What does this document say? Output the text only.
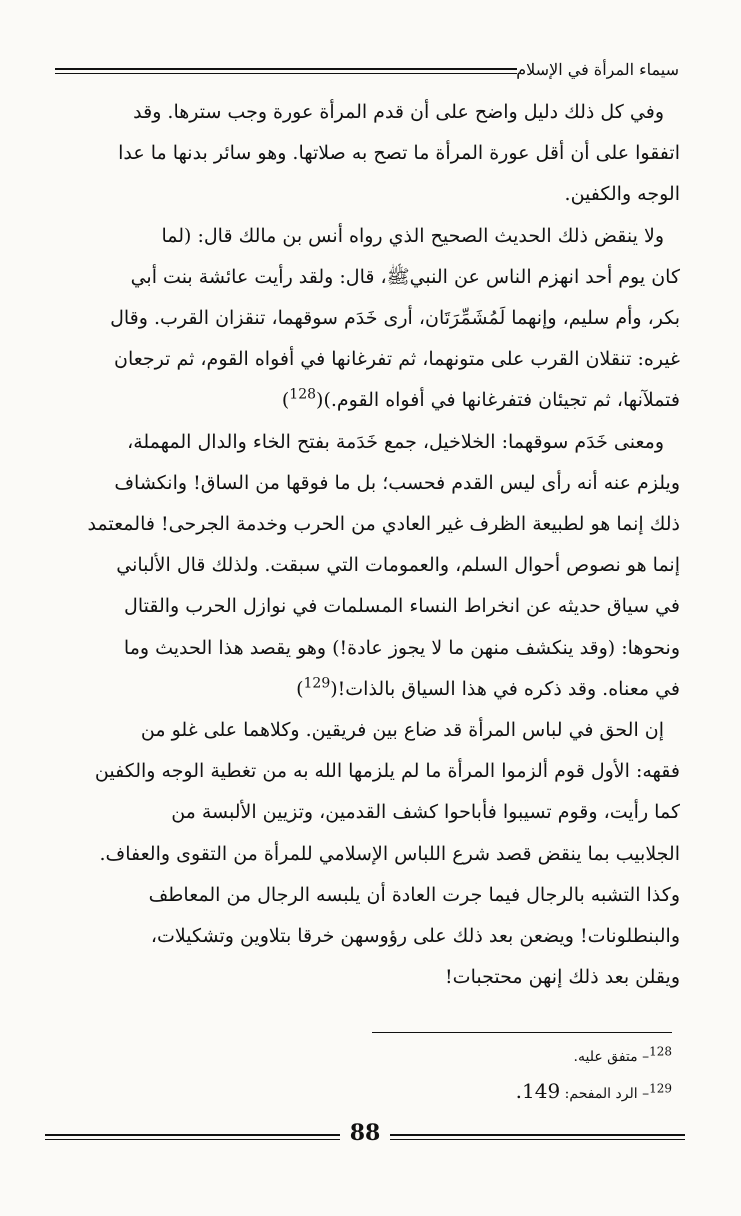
سيماء المرأة في الإسلام

وفي كل ذلك دليل واضح على أن قدم المرأة عورة وجب سترها. وقد
اتفقوا على أن أقل عورة المرأة ما تصح به صلاتها. وهو سائر بدنها ما عدا
الوجه والكفين.

ولا ينقض ذلك الحديث الصحيح الذي رواه أنس بن مالك قال: (لما
كان يوم أحد انهزم الناس عن النبيﷺ، قال: ولقد رأيت عائشة بنت أبي
بكر، وأم سليم، وإنهما لَمُشَمِّرَتَان، أرى خَدَم سوقهما، تنقزان القرب. وقال
غيره: تنقلان القرب على متونهما، ثم تفرغانها في أفواه القوم، ثم ترجعان
فتملآنها، ثم تجيئان فتفرغانها في أفواه القوم.)($^{128}$)

ومعنى خَدَم سوقهما: الخلاخيل، جمع خَدَمة بفتح الخاء والدال المهملة،
ويلزم عنه أنه رأى ليس القدم فحسب؛ بل ما فوقها من الساق! وانكشاف
ذلك إنما هو لطبيعة الظرف غير العادي من الحرب وخدمة الجرحى! فالمعتمد
إنما هو نصوص أحوال السلم، والعمومات التي سبقت. ولذلك قال الألباني
في سياق حديثه عن انخراط النساء المسلمات في نوازل الحرب والقتال
ونحوها: (وقد ينكشف منهن ما لا يجوز عادة!) وهو يقصد هذا الحديث وما
في معناه. وقد ذكره في هذا السياق بالذات!($^{129}$)

إن الحق في لباس المرأة قد ضاع بين فريقين. وكلاهما على غلو من
فقهه: الأول قوم ألزموا المرأة ما لم يلزمها الله به من تغطية الوجه والكفين
كما رأيت، وقوم تسيبوا فأباحوا كشف القدمين، وتزيين الألبسة من
الجلابيب بما ينقض قصد شرع اللباس الإسلامي للمرأة من التقوى والعفاف.
وكذا التشبه بالرجال فيما جرت العادة أن يلبسه الرجال من المعاطف
والبنطلونات! ويضعن بعد ذلك على رؤوسهن خرقا بتلاوين وتشكيلات،
ويقلن بعد ذلك إنهن محتجبات!

128– متفق عليه.

129– الرد المفحم: 149.

88
